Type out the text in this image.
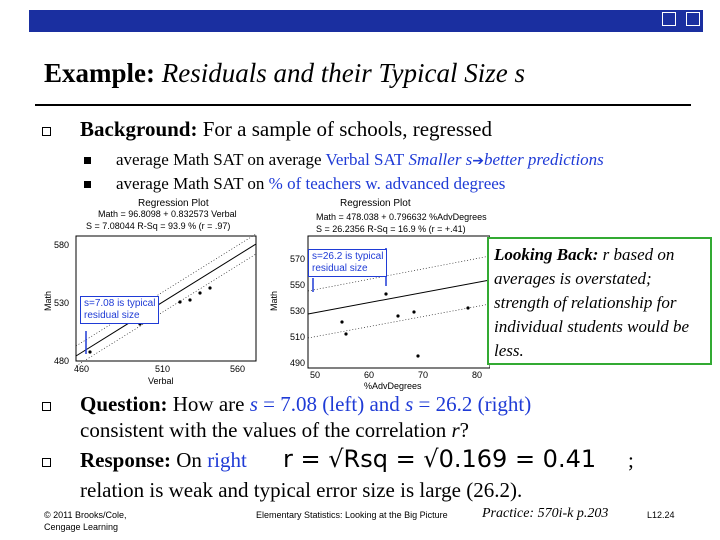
Example: Residuals and their Typical Size s
Background: For a sample of schools, regressed
average Math SAT on average Verbal SAT Smaller s➔better predictions
average Math SAT on % of teachers w. advanced degrees
Regression Plot
Math = 96.8098 + 0.832573 Verbal
S = 7.08044 R-Sq = 93.9 % (r = .97)
580
530
480
460	510	560
Verbal
Math	s=7.08 is typical
residual size
Regression Plot
Math = 478.038 + 0.796632 %AdvDegrees
S = 26.2356 R-Sq = 16.9 % (r = +.41)
570
550
530
510
490
50	60	70	80
%AdvDegrees
Math
s=26.2 is typical
residual size
Looking Back: r based on averages is overstated; strength of relationship for individual students would be less.
Question: How are s = 7.08 (left) and s = 26.2 (right)
consistent with the values of the correlation r?
Response: On right r = √Rsq = √0.169 = 0.41 ;
relation is weak and typical error size is large (26.2).
© 2011 Brooks/Cole,
Cengage Learning
Elementary Statistics: Looking at the Big Picture Practice: 570i-k p.203	L12.24
